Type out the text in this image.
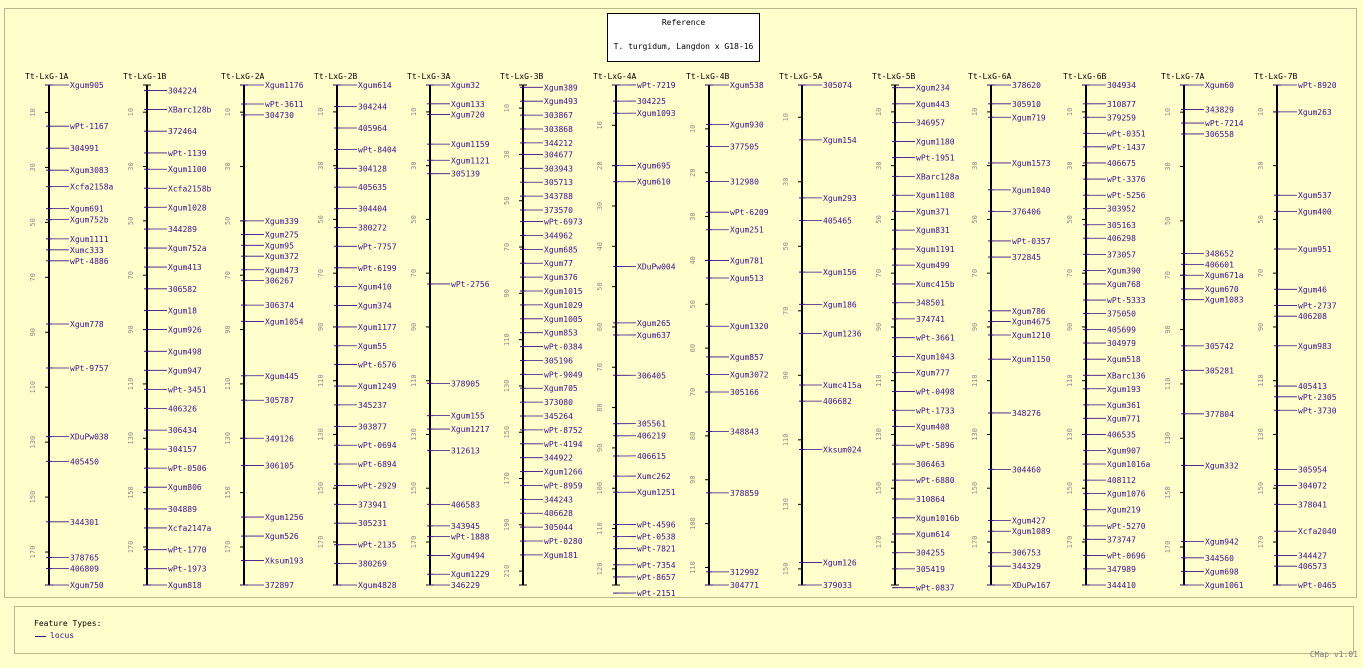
Reference
T. turgidum, Langdon x G18-16
Tt-LxG-1A
10
30
50
70
90
110
130
150
170
Xgum905
wPt-1167
304991
Xgum3083
Xcfa2158a
Xgum691
Xgum752b
Xgum1111
Xumc333
wPt-4886
Xgum778
wPt-9757
XDuPw038
405450
344301
378765
406809
Xgum750
Tt-LxG-1B
10
30
50
70
90
110
130
150
170
304224
XBarc128b
372464
wPt-1139
Xgum1100
Xcfa2158b
Xgum1028
344289
Xgum752a
Xgum413
306582
Xgum18
Xgum926
Xgum498
Xgum947
wPt-3451
406326
306434
304157
wPt-0506
Xgum806
304889
Xcfa2147a
wPt-1770
wPt-1973
Xgum818
Tt-LxG-2A
10
30
50
70
90
110
130
150
170
Xgum1176
wPt-3611
304730
Xgum339
Xgum275
Xgum95
Xgum372
Xgum473
306267
306374
Xgum1054
Xgum445
305787
349126
306105
Xgum1256
Xgum526
Xksum193
372897
Tt-LxG-2B
10
30
50
70
90
110
130
150
170
Xgum614
304244
405964
wPt-8404
304128
405635
304404
380272
wPt-7757
wPt-6199
Xgum410
Xgum374
Xgum1177
Xgum55
wPt-6576
Xgum1249
345237
303877
wPt-0694
wPt-6894
wPt-2929
373941
305231
wPt-2135
380269
Xgum4828
Tt-LxG-3A
10
30
50
70
90
110
130
150
170
Xgum32
Xgum133
Xgum720
Xgum1159
Xgum1121
305139
wPt-2756
378905
Xgum155
Xgum1217
312613
406583
343945
wPt-1888
Xgum494
Xgum1229
346229
Tt-LxG-3B
10
30
50
70
90
110
130
150
170
190
210
Xgum389
Xgum493
303867
303868
344212
304677
303943
305713
343788
373570
wPt-6973
344962
Xgum685
Xgum77
Xgum376
Xgum1015
Xgum1029
Xgum1005
Xgum853
wPt-0384
305196
wPt-9049
Xgum705
373080
345264
wPt-8752
wPt-4194
344922
Xgum1266
wPt-8959
344243
406628
305044
wPt-0280
Xgum181
Tt-LxG-4A
10
20
30
40
50
60
70
80
90
100
110
120
wPt-7219
304225
Xgum1093
Xgum695
Xgum610
XDuPw004
Xgum265
Xgum637
306405
305561
406219
406615
Xumc262
Xgum1251
wPt-4596
wPt-0538
wPt-7821
wPt-7354
wPt-8657
wPt-2151
Tt-LxG-4B
10
20
30
40
50
60
70
80
90
100
110
Xgum538
Xgum930
377505
312980
wPt-6209
Xgum251
Xgum781
Xgum513
Xgum1320
Xgum857
Xgum3072
305166
348843
378859
312992
304771
Tt-LxG-5A
10
30
50
70
90
110
130
150
305074
Xgum154
Xgum293
405465
Xgum156
Xgum186
Xgum1236
Xumc415a
406682
Xksum024
Xgum126
379033
Tt-LxG-5B
10
30
50
70
90
110
130
150
170
Xgum234
Xgum443
346957
Xgum1180
wPt-1951
XBarc128a
Xgum1108
Xgum371
Xgum831
Xgum1191
Xgum499
Xumc415b
348501
374741
wPt-3661
Xgum1043
Xgum777
wPt-0498
wPt-1733
Xgum408
wPt-5896
306463
wPt-6880
310864
Xgum1016b
Xgum614
304255
305419
wPt-0837
Tt-LxG-6A
10
30
50
70
90
110
130
150
170
378620
305910
Xgum719
Xgum1573
Xgum1040
376406
wPt-0357
372845
Xgum786
Xgum4675
Xgum1210
Xgum1150
348276
304460
Xgum427
Xgum1089
306753
344329
XDuPw167
Tt-LxG-6B
10
30
50
70
90
110
130
150
170
304934
310877
379259
wPt-0351
wPt-1437
406675
wPt-3376
wPt-5256
303952
305163
406298
373057
Xgum390
Xgum768
wPt-5333
375050
405699
304979
Xgum518
XBarc136
Xgum193
Xgum361
Xgum771
406535
Xgum907
Xgum1016a
408112
Xgum1076
Xgum219
wPt-5270
373747
wPt-0696
347989
344410
Tt-LxG-7A
10
30
50
70
90
110
130
150
170
Xgum60
343829
wPt-7214
306558
348652
406601
Xgum671a
Xgum670
Xgum1083
305742
305281
377804
Xgum332
Xgum942
344560
Xgum698
Xgum1061
Tt-LxG-7B
10
30
50
70
90
110
130
150
170
wPt-8920
Xgum263
Xgum537
Xgum400
Xgum951
Xgum46
wPt-2737
406208
Xgum983
405413
wPt-2305
wPt-3730
305954
304072
378041
Xcfa2040
344427
406573
wPt-0465
Feature Types:
locus
CMap v1.01
